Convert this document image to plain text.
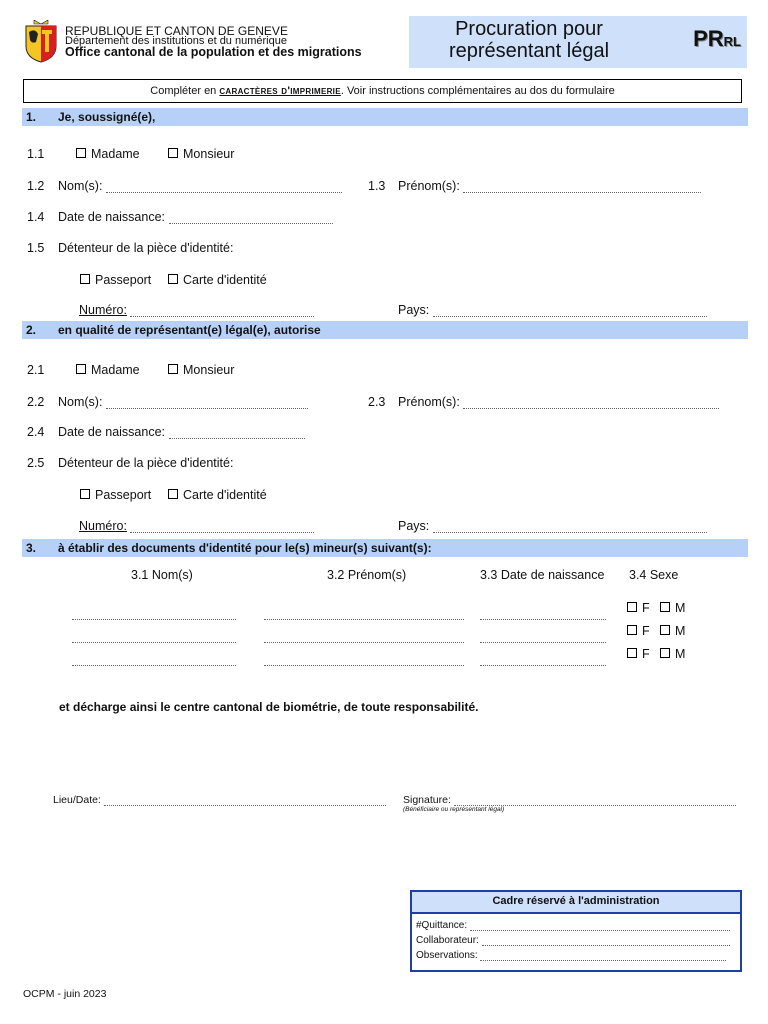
REPUBLIQUE ET CANTON DE GENEVE
Département des institutions et du numérique
Office cantonal de la population et des migrations
Procuration pour
représentant légal	PRRL
Compléter en caractères d'imprimerie. Voir instructions complémentaires au dos du formulaire
1. Je, soussigné(e),
1.1	Madame	Monsieur
1.2 Nom(s):	1.3 Prénom(s):
1.4 Date de naissance:
1.5 Détenteur de la pièce d'identité:
Passeport	Carte d'identité
Numéro:	Pays:
2. en qualité de représentant(e) légal(e), autorise
2.1	Madame	Monsieur
2.2 Nom(s):	2.3 Prénom(s):
2.4 Date de naissance:
2.5 Détenteur de la pièce d'identité:
Passeport	Carte d'identité
Numéro:	Pays:
3. à établir des documents d'identité pour le(s) mineur(s) suivant(s):
3.1 Nom(s)	3.2 Prénom(s)	3.3 Date de naissance 3.4 Sexe
F	M
F	M
F	M
et décharge ainsi le centre cantonal de biométrie, de toute responsabilité.
Lieu/Date:	Signature:
(Bénéficiaire ou représentant légal)
Cadre réservé à l'administration
#Quittance:
Collaborateur:
Observations:
OCPM - juin 2023
